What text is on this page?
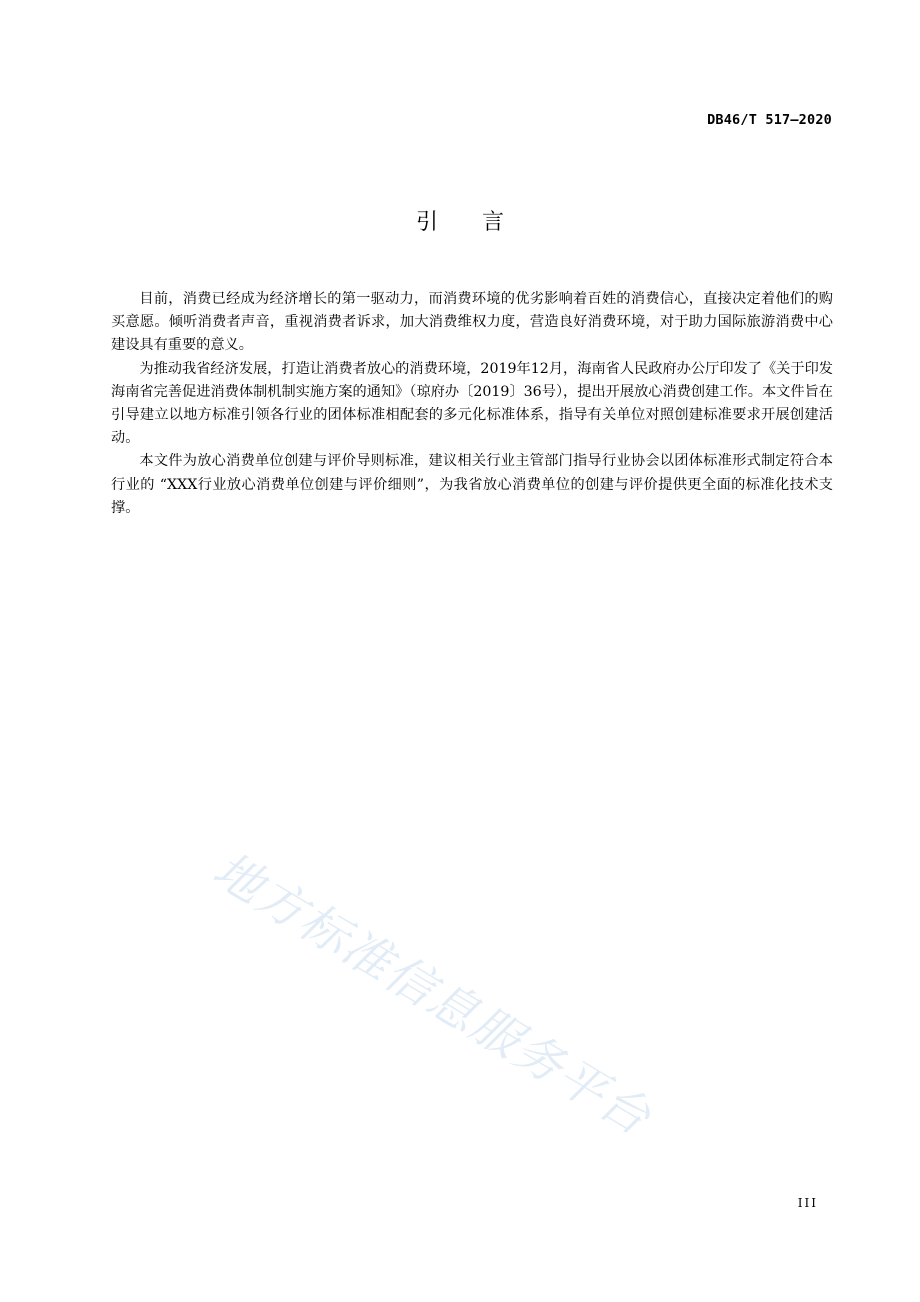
DB46/T 517—2020
引 言

目前，消费已经成为经济增长的第一驱动力，而消费环境的优劣影响着百姓的消费信心，直接决定着他们的购买意愿。倾听消费者声音，重视消费者诉求，加大消费维权力度，营造良好消费环境，对于助力国际旅游消费中心建设具有重要的意义。

为推动我省经济发展，打造让消费者放心的消费环境，2019年12月，海南省人民政府办公厅印发了《关于印发海南省完善促进消费体制机制实施方案的通知》（琼府办〔2019〕36号），提出开展放心消费创建工作。本文件旨在引导建立以地方标准引领各行业的团体标准相配套的多元化标准体系，指导有关单位对照创建标准要求开展创建活动。

本文件为放心消费单位创建与评价导则标准，建议相关行业主管部门指导行业协会以团体标准形式制定符合本行业的 “XXX行业放心消费单位创建与评价细则”，为我省放心消费单位的创建与评价提供更全面的标准化技术支撑。

地方标准信息服务平台
III
